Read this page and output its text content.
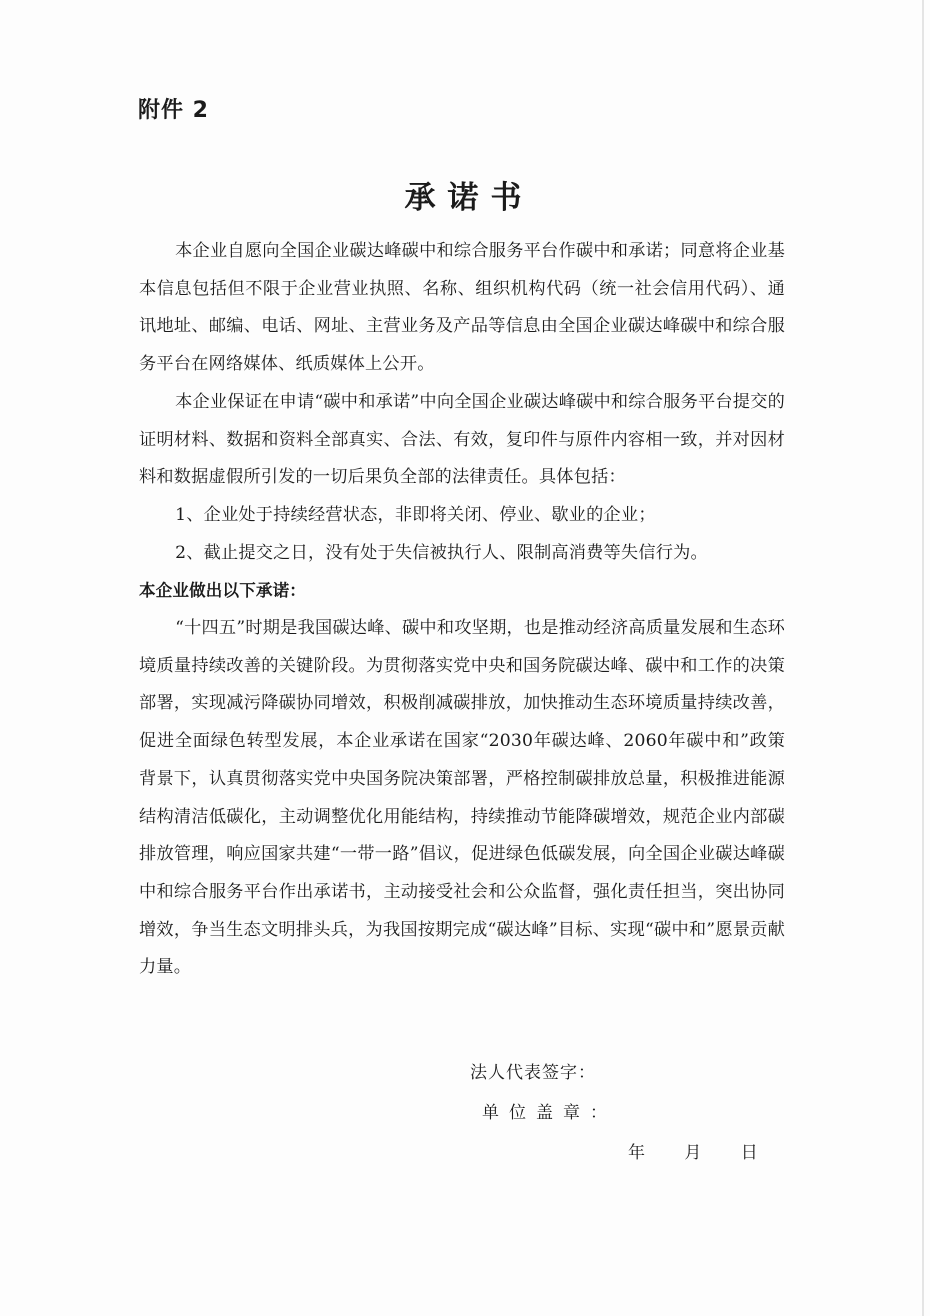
附件 2
承诺书

本企业自愿向全国企业碳达峰碳中和综合服务平台作碳中和承诺；同意将企业基本信息包括但不限于企业营业执照、名称、组织机构代码（统一社会信用代码）、通讯地址、邮编、电话、网址、主营业务及产品等信息由全国企业碳达峰碳中和综合服务平台在网络媒体、纸质媒体上公开。

本企业保证在申请“碳中和承诺”中向全国企业碳达峰碳中和综合服务平台提交的证明材料、数据和资料全部真实、合法、有效，复印件与原件内容相一致，并对因材料和数据虚假所引发的一切后果负全部的法律责任。具体包括：

1、企业处于持续经营状态，非即将关闭、停业、歇业的企业；

2、截止提交之日，没有处于失信被执行人、限制高消费等失信行为。

本企业做出以下承诺：

“十四五”时期是我国碳达峰、碳中和攻坚期，也是推动经济高质量发展和生态环境质量持续改善的关键阶段。为贯彻落实党中央和国务院碳达峰、碳中和工作的决策部署，实现减污降碳协同增效，积极削减碳排放，加快推动生态环境质量持续改善，促进全面绿色转型发展，本企业承诺在国家“2030年碳达峰、2060年碳中和”政策背景下，认真贯彻落实党中央国务院决策部署，严格控制碳排放总量，积极推进能源结构清洁低碳化，主动调整优化用能结构，持续推动节能降碳增效，规范企业内部碳排放管理，响应国家共建“一带一路”倡议，促进绿色低碳发展，向全国企业碳达峰碳中和综合服务平台作出承诺书，主动接受社会和公众监督，强化责任担当，突出协同增效，争当生态文明排头兵，为我国按期完成“碳达峰”目标、实现“碳中和”愿景贡献力量。

法人代表签字：
单位盖章：
年 月 日
